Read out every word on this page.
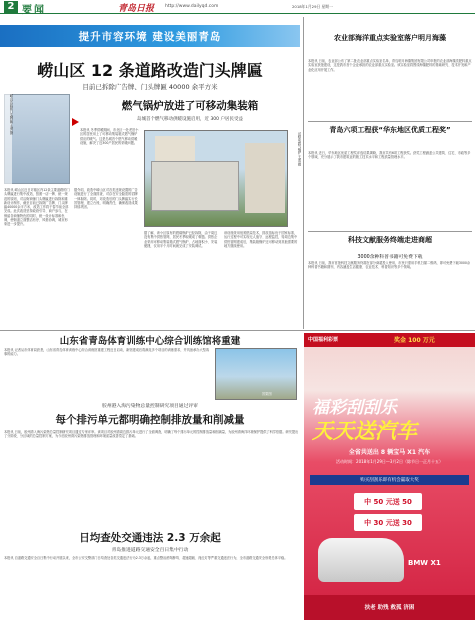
2 要闻	青岛日报 http://www.dailyqd.com	2018年1月29日 星期一
提升市容环境 建设美丽青岛
崂山区 12 条道路改造门头牌匾
目前已拆除广告牌、门头牌匾 40000 余平方米
崂山区拆除门头牌匾 王勇 摄
本报讯 崂山区近日对辖区内12条主要道路的门头牌匾进行集中改造，按照一店一牌、统一规范的原则，对沿街商铺门头牌匾进行拆除和重新设计制作，截至目前已拆除广告牌、门头牌匾40000余平方米，改造工作将于春节前全部完成。此次改造坚持政府引导、商户参与，在保留各商铺特色的同时，统一设计标准和色调，使街道立面整洁有序、风格协调，城市形象进一步提升。
据介绍，改造中崂山区对各类违规设置的广告设施进行了全面排查，对存在安全隐患的招牌一律拆除。同时，对改造后的门头牌匾实行长效管理，建立台账，明确责任，确保改造成果持续巩固。
燃气锅炉放进了可移动集装箱
岛城首个燃气移动供暖设施启用，近 300 户居民受益
本报讯 冬季供暖期间，市北区一处老旧小区的居民用上了可移动集装箱式燃气锅炉供应的暖气。这是岛城首个燃气移动供暖设施，解决了近300户居民的采暖问题。	可移动燃气锅炉 王勇 摄
据了解，该小区原有的燃煤锅炉已经拆除，由于周边没有集中供热管网，居民冬季取暖成了难题。供热企业采用可移动集装箱式燃气锅炉，占地面积小、安装便捷，仅用半个月时间就完成了安装调试。
该设施采用低氮燃烧技术，排放指标优于国家标准，运行过程中可实现无人值守、远程监控，待周边集中供热管网建成后，集装箱锅炉还可移动到其他需要的地方继续使用。
农业部海洋重点实验室落户明月海藻
本报讯 日前，农业部公布了第二批农业部重点实验室名单，青岛明月海藻集团有限公司申报的农业部海藻类肥料重点实验室获批建设，这是我市首个企业承担的农业部重点实验室。该实验室将围绕海藻肥料的基础研究、技术开发和产业化应用开展工作。
青岛六项工程获“华东地区优质工程奖”
本报讯 近日，华东地区优质工程奖评选结果揭晓，我市共有6项工程获奖。获奖工程涵盖公共建筑、住宅、市政等多个领域，充分展示了我市建筑业的施工技术水平和工程质量管理水平。
科技文献服务终端走进商超
3000余种科普书籍可免费下载
本报讯 日前，我市首批科技文献服务终端在部分商超投入使用，市民只需用手机扫描二维码，即可免费下载3000余种科普书籍和期刊，内容涵盖生活健康、农业技术、科普知识等多个领域。
山东省青岛体育训练中心综合训练馆将重建
本报讯 记者从市体育局获悉，山东省青岛体育训练中心综合训练馆重建工程近日启动，新馆建成后将满足多个项目的训练需求，并具备承办大型赛事的能力。
效果图
胶州港入海污染物总量控制研究项目通过评审
每个排污单元都明确控制排放量和削减量
本报讯 日前，胶州湾入海污染物总量控制研究项目通过专家评审。该项目对胶州湾周边排污单元进行了全面调查，明确了每个排污单元的控制排放量和削减量，为胶州湾海洋环境保护提供了科学依据。研究提出了分阶段、分区域的总量控制方案，为今后胶州湾污染物排放管理和环境质量改善奠定了基础。
日均查处交通违法 2.3 万余起
青岛推进道路交通安全百日集中行动
本报讯 自道路交通安全百日集中行动开展以来，全市公安交警部门日均查处各类交通违法行为2.3万余起，重点整治酒驾醉驾、超速超载、闯红灯等严重交通违法行为，全市道路交通安全形势总体平稳。
中国福利彩票	奖金 100 万元
福彩刮刮乐
天天送汽车
全省共送出 8 辆宝马 X1 汽车
活动时间：2018年1月29日—3月2日（除节日一正月十五）
购买刮刮乐即有机会赢取大奖
中 50 元送 50
中 30 元送 30
BMW X1
扶老 助残 救孤 济困
